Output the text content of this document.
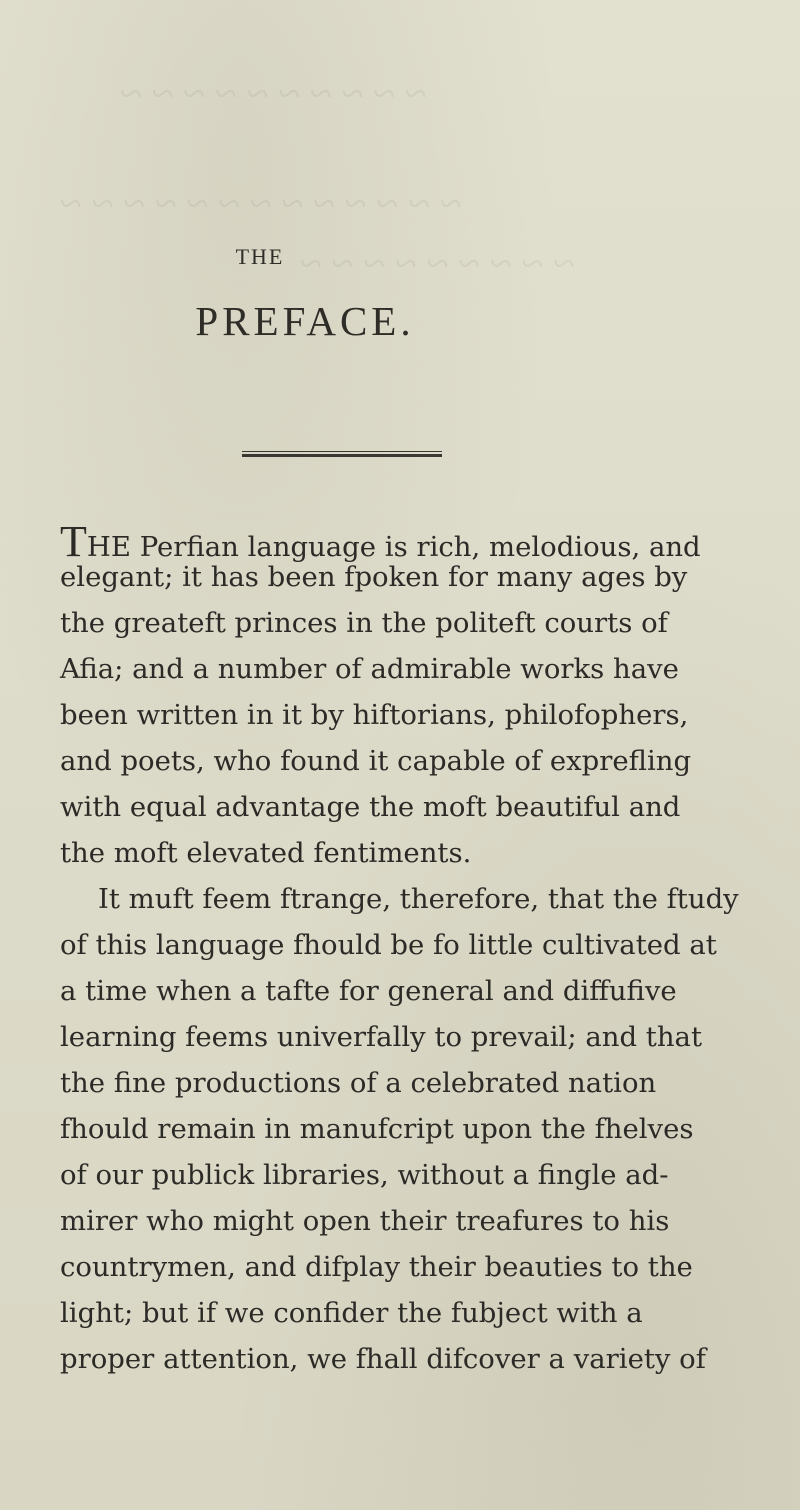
~ ~ ~ ~ ~ ~ ~ ~ ~ ~
~ ~ ~ ~ ~ ~ ~ ~ ~ ~ ~ ~ ~
~ ~ ~ ~ ~ ~ ~ ~ ~
THE
PREFACE.
THE Perfian language is rich, melodious, and
elegant; it has been fpoken for many ages by
the greateft princes in the politeft courts of
Afia; and a number of admirable works have
been written in it by hiftorians, philofophers,
and poets, who found it capable of exprefling
with equal advantage the moft beautiful and
the moft elevated fentiments.
It muft feem ftrange, therefore, that the ftudy
of this language fhould be fo little cultivated at
a time when a tafte for general and diffufive
learning feems univerfally to prevail; and that
the fine productions of a celebrated nation
fhould remain in manufcript upon the fhelves
of our publick libraries, without a fingle ad-
mirer who might open their treafures to his
countrymen, and difplay their beauties to the
light; but if we confider the fubject with a
proper attention, we fhall difcover a variety of
